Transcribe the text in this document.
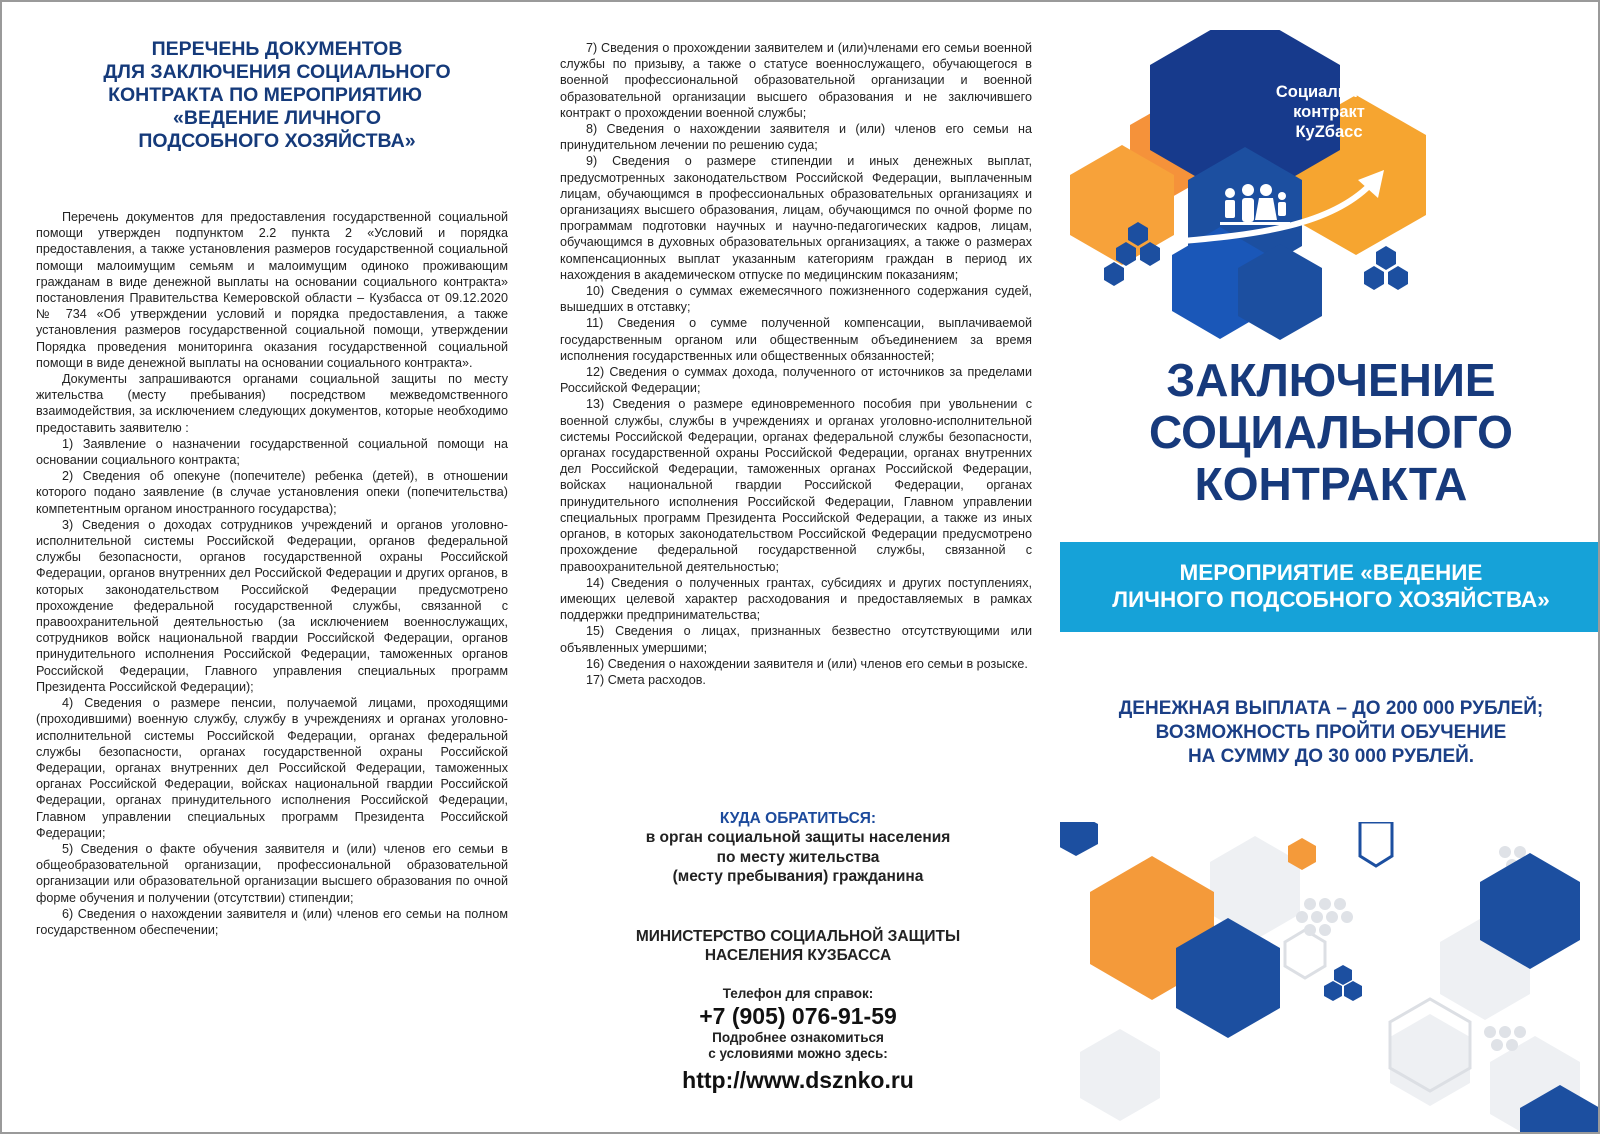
ПЕРЕЧЕНЬ ДОКУМЕНТОВ
ДЛЯ ЗАКЛЮЧЕНИЯ СОЦИАЛЬНОГО
КОНТРАКТА ПО МЕРОПРИЯТИЮ
«ВЕДЕНИЕ ЛИЧНОГО
ПОДСОБНОГО ХОЗЯЙСТВА»

Перечень документов для предоставления государственной социальной помощи утвержден подпунктом 2.2 пункта 2 «Условий и порядка предоставления, а также установления размеров государственной социальной помощи малоимущим семьям и малоимущим одиноко проживающим гражданам в виде денежной выплаты на основании социального контракта» постановления Правительства Кемеровской области – Кузбасса от 09.12.2020 № 734 «Об утверждении условий и порядка предоставления, а также установления размеров государственной социальной помощи, утверждении Порядка проведения мониторинга оказания государственной социальной помощи в виде денежной выплаты на основании социального контракта».

Документы запрашиваются органами социальной защиты по месту жительства (месту пребывания) посредством межведомственного взаимодействия, за исключением следующих документов, которые необходимо предоставить заявителю :

1) Заявление о назначении государственной социальной помощи на основании социального контракта;

2) Сведения об опекуне (попечителе) ребенка (детей), в отношении которого подано заявление (в случае установления опеки (попечительства) компетентным органом иностранного государства);

3) Сведения о доходах сотрудников учреждений и органов уголовно-исполнительной системы Российской Федерации, органов федеральной службы безопасности, органов государственной охраны Российской Федерации, органов внутренних дел Российской Федерации и других органов, в которых законодательством Российской Федерации предусмотрено прохождение федеральной государственной службы, связанной с правоохранительной деятельностью (за исключением военнослужащих, сотрудников войск национальной гвардии Российской Федерации, органов принудительного исполнения Российской Федерации, таможенных органов Российской Федерации, Главного управления специальных программ Президента Российской Федерации);

4) Сведения о размере пенсии, получаемой лицами, проходящими (проходившими) военную службу, службу в учреждениях и органах уголовно-исполнительной системы Российской Федерации, органах федеральной службы безопасности, органах государственной охраны Российской Федерации, органах внутренних дел Российской Федерации, таможенных органах Российской Федерации, войсках национальной гвардии Российской Федерации, органах принудительного исполнения Российской Федерации, Главном управлении специальных программ Президента Российской Федерации;

5) Сведения о факте обучения заявителя и (или) членов его семьи в общеобразовательной организации, профессиональной образовательной организации или образовательной организации высшего образования по очной форме обучения и получении (отсутствии) стипендии;

6) Сведения о нахождении заявителя и (или) членов его семьи на полном государственном обеспечении;

7) Сведения о прохождении заявителем и (или)членами его семьи военной службы по призыву, а также о статусе военнослужащего, обучающегося в военной профессиональной образовательной организации и военной образовательной организации высшего образования и не заключившего контракт о прохождении военной службы;

8) Сведения о нахождении заявителя и (или) членов его семьи на принудительном лечении по решению суда;

9) Сведения о размере стипендии и иных денежных выплат, предусмотренных законодательством Российской Федерации, выплаченным лицам, обучающимся в профессиональных образовательных организациях и организациях высшего образования, лицам, обучающимся по очной форме по программам подготовки научных и научно-педагогических кадров, лицам, обучающимся в духовных образовательных организациях, а также о размерах компенсационных выплат указанным категориям граждан в период их нахождения в академическом отпуске по медицинским показаниям;

10) Сведения о суммах ежемесячного пожизненного содержания судей, вышедших в отставку;

11) Сведения о сумме полученной компенсации, выплачиваемой государственным органом или общественным объединением за время исполнения государственных или общественных обязанностей;

12) Сведения о суммах дохода, полученного от источников за пределами Российской Федерации;

13) Сведения о размере единовременного пособия при увольнении с военной службы, службы в учреждениях и органах уголовно-исполнительной системы Российской Федерации, органах федеральной службы безопасности, органах государственной охраны Российской Федерации, органах внутренних дел Российской Федерации, таможенных органах Российской Федерации, войсках национальной гвардии Российской Федерации, органах принудительного исполнения Российской Федерации, Главном управлении специальных программ Президента Российской Федерации, а также из иных органов, в которых законодательством Российской Федерации предусмотрено прохождение федеральной государственной службы, связанной с правоохранительной деятельностью;

14) Сведения о полученных грантах, субсидиях и других поступлениях, имеющих целевой характер расходования и предоставляемых в рамках поддержки предпринимательства;

15) Сведения о лицах, признанных безвестно отсутствующими или объявленных умершими;

16) Сведения о нахождении заявителя и (или) членов его семьи в розыске.

17) Смета расходов.

КУДА ОБРАТИТЬСЯ:
в орган социальной защиты населения
по месту жительства
(месту пребывания) гражданина
МИНИСТЕРСТВО СОЦИАЛЬНОЙ ЗАЩИТЫ
НАСЕЛЕНИЯ КУЗБАССА
Телефон для справок:
+7 (905) 076-91-59
Подробнее ознакомиться
с условиями можно здесь:
http://www.dsznko.ru
Социальный
контракт
КуZбасс
ЗАКЛЮЧЕНИЕ
СОЦИАЛЬНОГО
КОНТРАКТА
МЕРОПРИЯТИЕ «ВЕДЕНИЕ
ЛИЧНОГО ПОДСОБНОГО ХОЗЯЙСТВА»
ДЕНЕЖНАЯ ВЫПЛАТА – ДО 200 000 РУБЛЕЙ;
ВОЗМОЖНОСТЬ ПРОЙТИ ОБУЧЕНИЕ
НА СУММУ ДО 30 000 РУБЛЕЙ.
